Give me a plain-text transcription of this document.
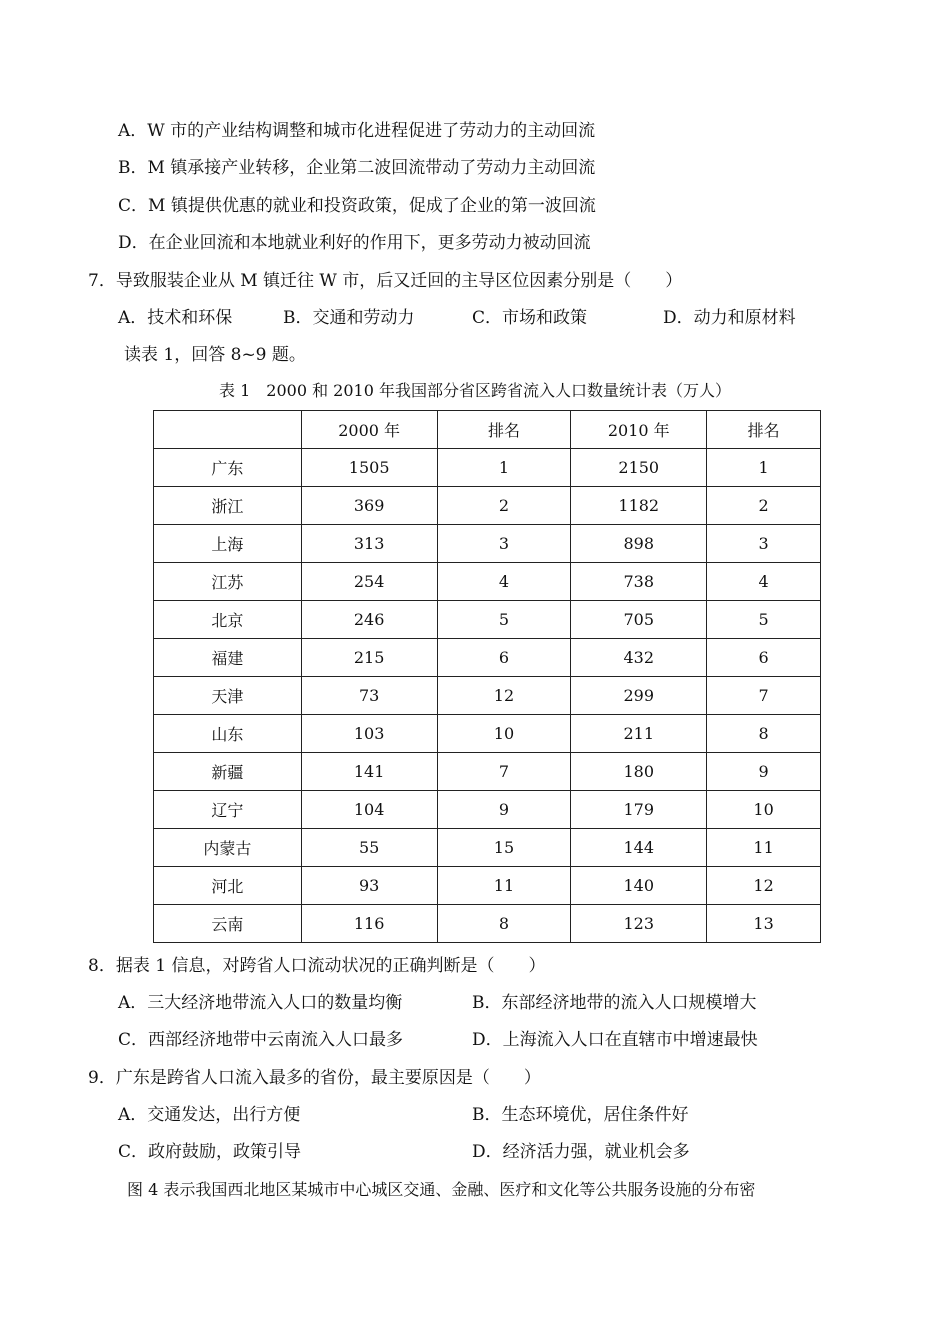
A．W 市的产业结构调整和城市化进程促进了劳动力的主动回流
B．M 镇承接产业转移，企业第二波回流带动了劳动力主动回流
C．M 镇提供优惠的就业和投资政策，促成了企业的第一波回流
D．在企业回流和本地就业利好的作用下，更多劳动力被动回流
7．导致服装企业从 M 镇迁往 W 市，后又迁回的主导区位因素分别是（　　）
A．技术和环保	B．交通和劳动力	C．市场和政策	D．动力和原材料
读表 1，回答 8~9 题。
表 1　2000 和 2010 年我国部分省区跨省流入人口数量统计表（万人）
	2000 年	排名	2010 年	排名
广东	1505	1	2150	1
浙江	369	2	1182	2
上海	313	3	898	3
江苏	254	4	738	4
北京	246	5	705	5
福建	215	6	432	6
天津	73	12	299	7
山东	103	10	211	8
新疆	141	7	180	9
辽宁	104	9	179	10
内蒙古	55	15	144	11
河北	93	11	140	12
云南	116	8	123	13
8．据表 1 信息，对跨省人口流动状况的正确判断是（　　）
A．三大经济地带流入人口的数量均衡	B．东部经济地带的流入人口规模增大
C．西部经济地带中云南流入人口最多	D．上海流入人口在直辖市中增速最快
9．广东是跨省人口流入最多的省份，最主要原因是（　　）
A．交通发达，出行方便	B．生态环境优，居住条件好
C．政府鼓励，政策引导	D．经济活力强，就业机会多
图 4 表示我国西北地区某城市中心城区交通、金融、医疗和文化等公共服务设施的分布密
